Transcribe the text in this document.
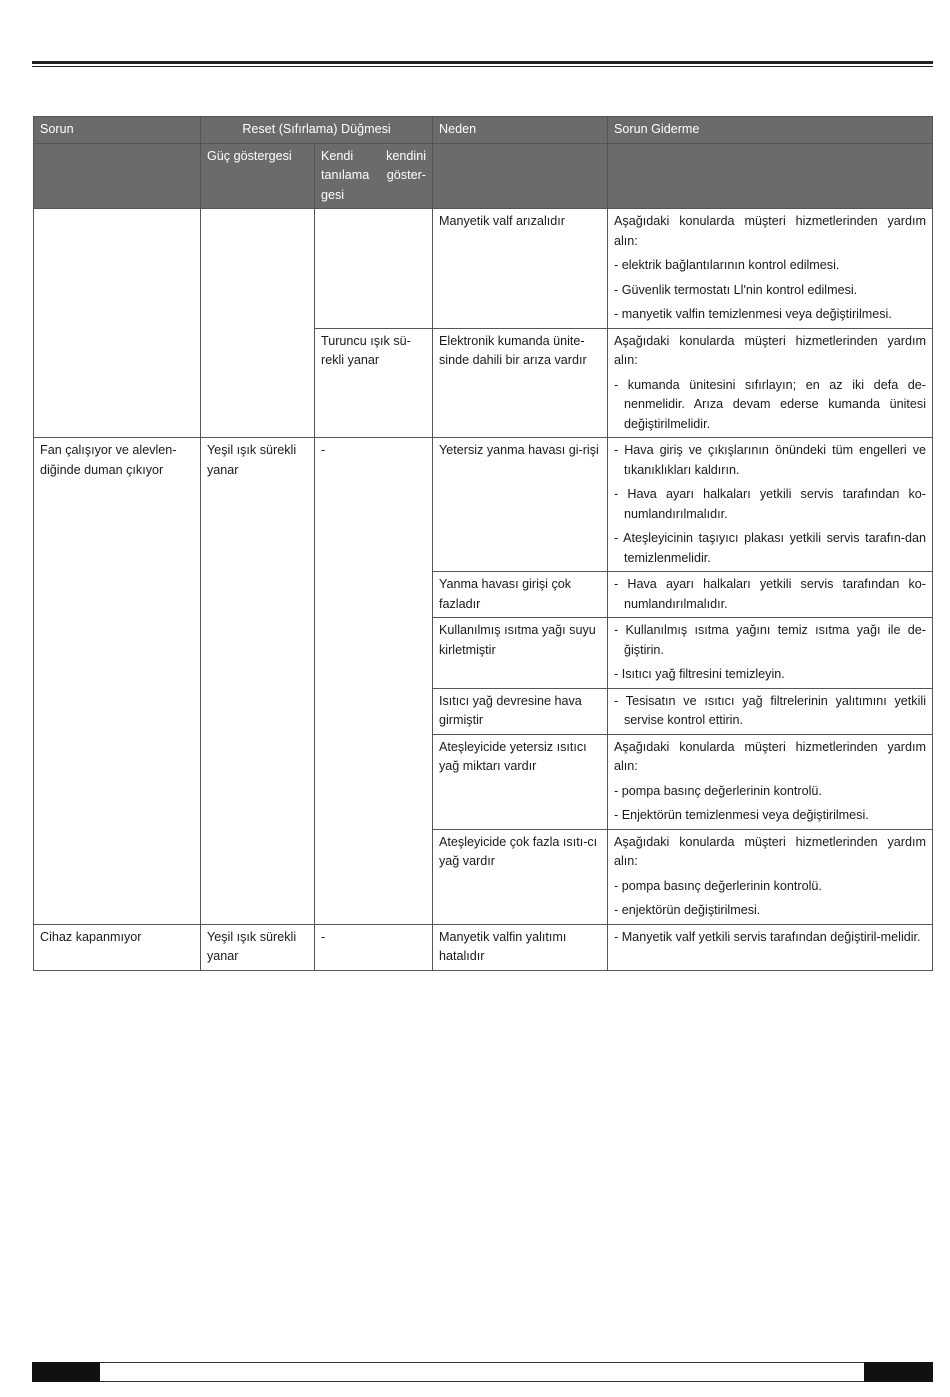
Sorun	Reset (Sıfırlama) Düğmesi		Neden	Sorun Giderme
	Güç göstergesi	Kendi kendini tanılama göster-gesi		
			Manyetik valf arızalıdır	Aşağıdaki konularda müşteri hizmetlerinden yardım alın:
- elektrik bağlantılarının kontrol edilmesi.
- Güvenlik termostatı Ll'nin kontrol edilmesi.
- manyetik valfin temizlenmesi veya değiştirilmesi.

		Turuncu ışık sü-rekli yanar	Elektronik kumanda ünite-sinde dahili bir arıza vardır	Aşağıdaki konularda müşteri hizmetlerinden yardım alın:
- kumanda ünitesini sıfırlayın; en az iki defa de-nenmelidir. Arıza devam ederse kumanda ünitesi değiştirilmelidir.

Fan çalışıyor ve alevlen-diğinde duman çıkıyor	Yeşil ışık sürekli yanar	-	Yetersiz yanma havası gi-rişi	- Hava giriş ve çıkışlarının önündeki tüm engelleri ve tıkanıklıkları kaldırın.
- Hava ayarı halkaları yetkili servis tarafından ko-numlandırılmalıdır.
- Ateşleyicinin taşıyıcı plakası yetkili servis tarafın-dan temizlenmelidir.

			Yanma havası girişi çok fazladır	- Hava ayarı halkaları yetkili servis tarafından ko-numlandırılmalıdır.

			Kullanılmış ısıtma yağı suyu kirletmiştir	- Kullanılmış ısıtma yağını temiz ısıtma yağı ile de-ğiştirin.
- Isıtıcı yağ filtresini temizleyin.

			Isıtıcı yağ devresine hava girmiştir	- Tesisatın ve ısıtıcı yağ filtrelerinin yalıtımını yetkili servise kontrol ettirin.

			Ateşleyicide yetersiz ısıtıcı yağ miktarı vardır	Aşağıdaki konularda müşteri hizmetlerinden yardım alın:
- pompa basınç değerlerinin kontrolü.
- Enjektörün temizlenmesi veya değiştirilmesi.

			Ateşleyicide çok fazla ısıtı-cı yağ vardır	Aşağıdaki konularda müşteri hizmetlerinden yardım alın:
- pompa basınç değerlerinin kontrolü.
- enjektörün değiştirilmesi.

Cihaz kapanmıyor	Yeşil ışık sürekli yanar	-	Manyetik valfin yalıtımı hatalıdır	- Manyetik valf yetkili servis tarafından değiştiril-melidir.
